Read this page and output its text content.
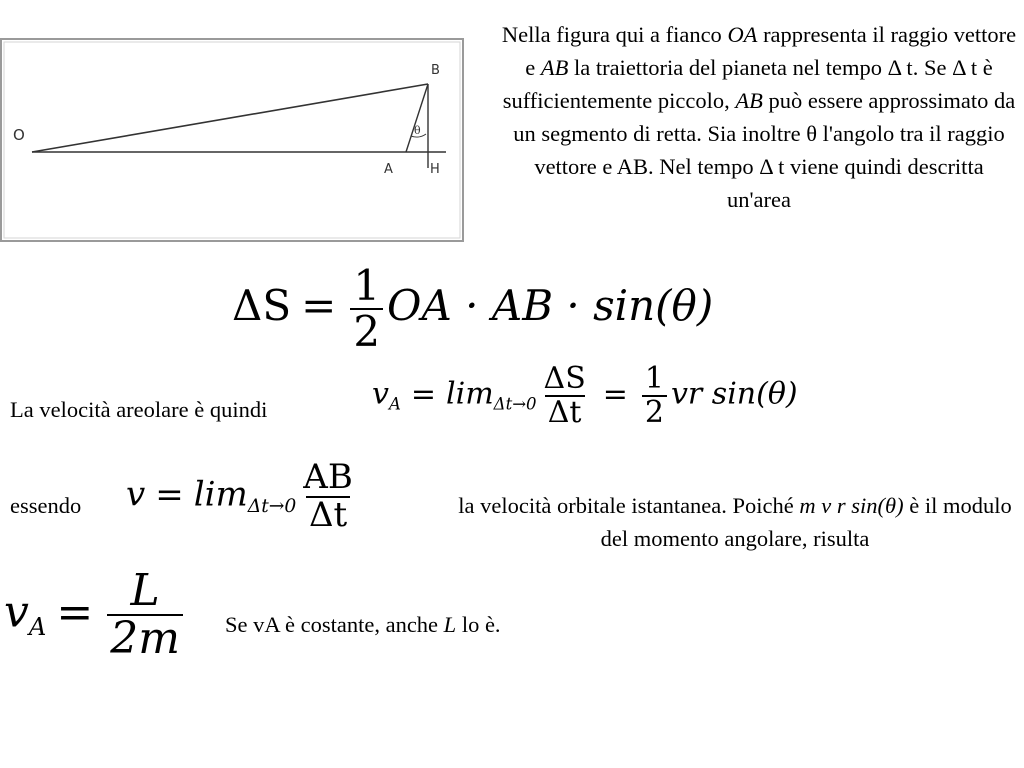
O
B
A	H
θ
Nella figura qui a fianco OA rappresenta il raggio vettore e AB la traiettoria del pianeta nel tempo Δ t. Se Δ t è sufficientemente piccolo, AB può essere approssimato da un segmento di retta. Sia inoltre θ l'angolo tra il raggio vettore e AB. Nel tempo Δ t viene quindi descritta un'area
$\Delta S = \frac{1}{2}$ OA · AB · sin(θ)
La velocità areolare è quindi	$v_A = \lim_{\Delta t\to 0} \frac{\Delta S}{\Delta t} = \frac{1}{2}$ vr sin(θ)
essendo $v = \lim_{\Delta t\to 0} \frac{AB}{\Delta t}$	la velocità orbitale istantanea. Poiché m v r sin(θ) è il modulo del momento angolare, risulta
$v_A = \frac{L}{2m}$ Se vA è costante, anche L lo è.
